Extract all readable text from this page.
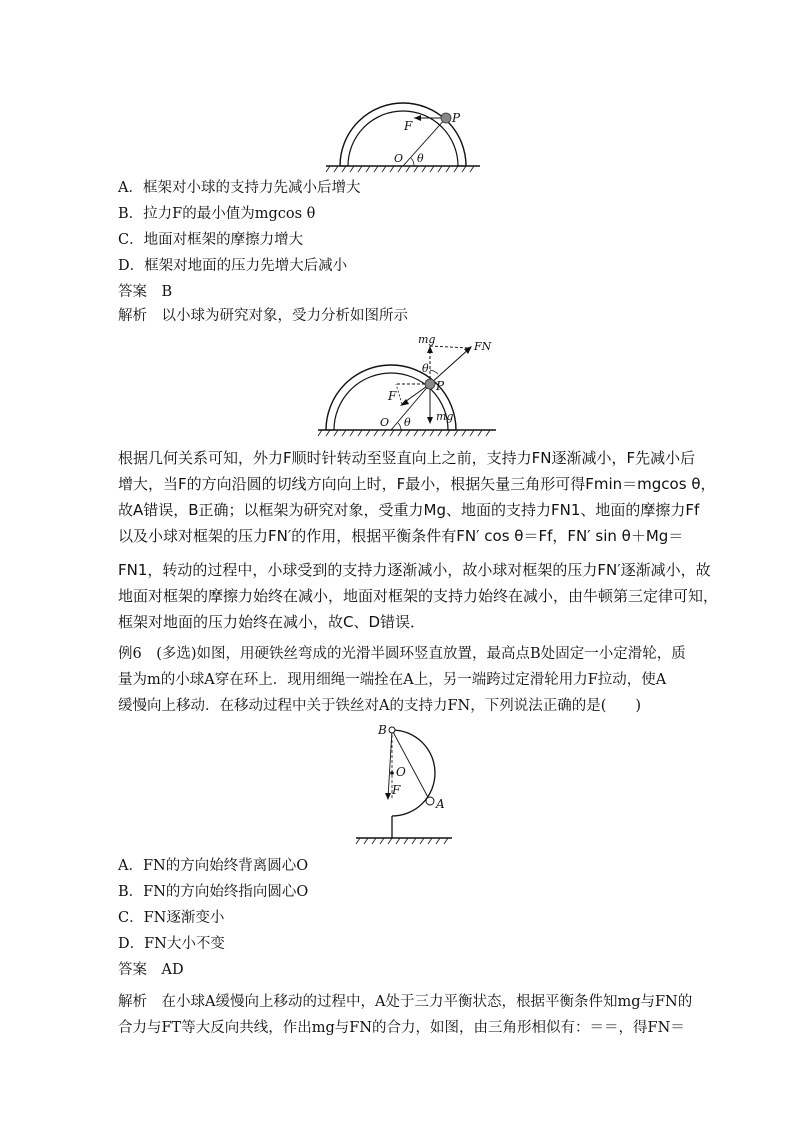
F
P
O θ
A．框架对小球的支持力先减小后增大
B．拉力F的最小值为mgcos θ
C．地面对框架的摩擦力增大
D．框架对地面的压力先增大后减小
答案　B
解析　以小球为研究对象，受力分析如图所示
mg
FN
θ
P
F
O θ mg
根据几何关系可知，外力F顺时针转动至竖直向上之前，支持力FN逐渐减小，F先减小后
增大，当F的方向沿圆的切线方向向上时，F最小，根据矢量三角形可得Fmin＝mgcos θ，
故A错误，B正确；以框架为研究对象，受重力Mg、地面的支持力FN1、地面的摩擦力Ff
以及小球对框架的压力FN′的作用，根据平衡条件有FN′ cos θ＝Ff，FN′ sin θ＋Mg＝
FN1，转动的过程中，小球受到的支持力逐渐减小，故小球对框架的压力FN′逐渐减小，故
地面对框架的摩擦力始终在减小，地面对框架的支持力始终在减小，由牛顿第三定律可知，
框架对地面的压力始终在减小，故C、D错误．
例6　(多选)如图，用硬铁丝弯成的光滑半圆环竖直放置，最高点B处固定一小定滑轮，质
量为m的小球A穿在环上．现用细绳一端拴在A上，另一端跨过定滑轮用力F拉动，使A
缓慢向上移动．在移动过程中关于铁丝对A的支持力FN，下列说法正确的是(　　)
B
O
F
A
A．FN的方向始终背离圆心O
B．FN的方向始终指向圆心O
C．FN逐渐变小
D．FN大小不变
答案　AD
解析　在小球A缓慢向上移动的过程中，A处于三力平衡状态，根据平衡条件知mg与FN的
合力与FT等大反向共线，作出mg与FN的合力，如图，由三角形相似有：＝＝，得FN＝
